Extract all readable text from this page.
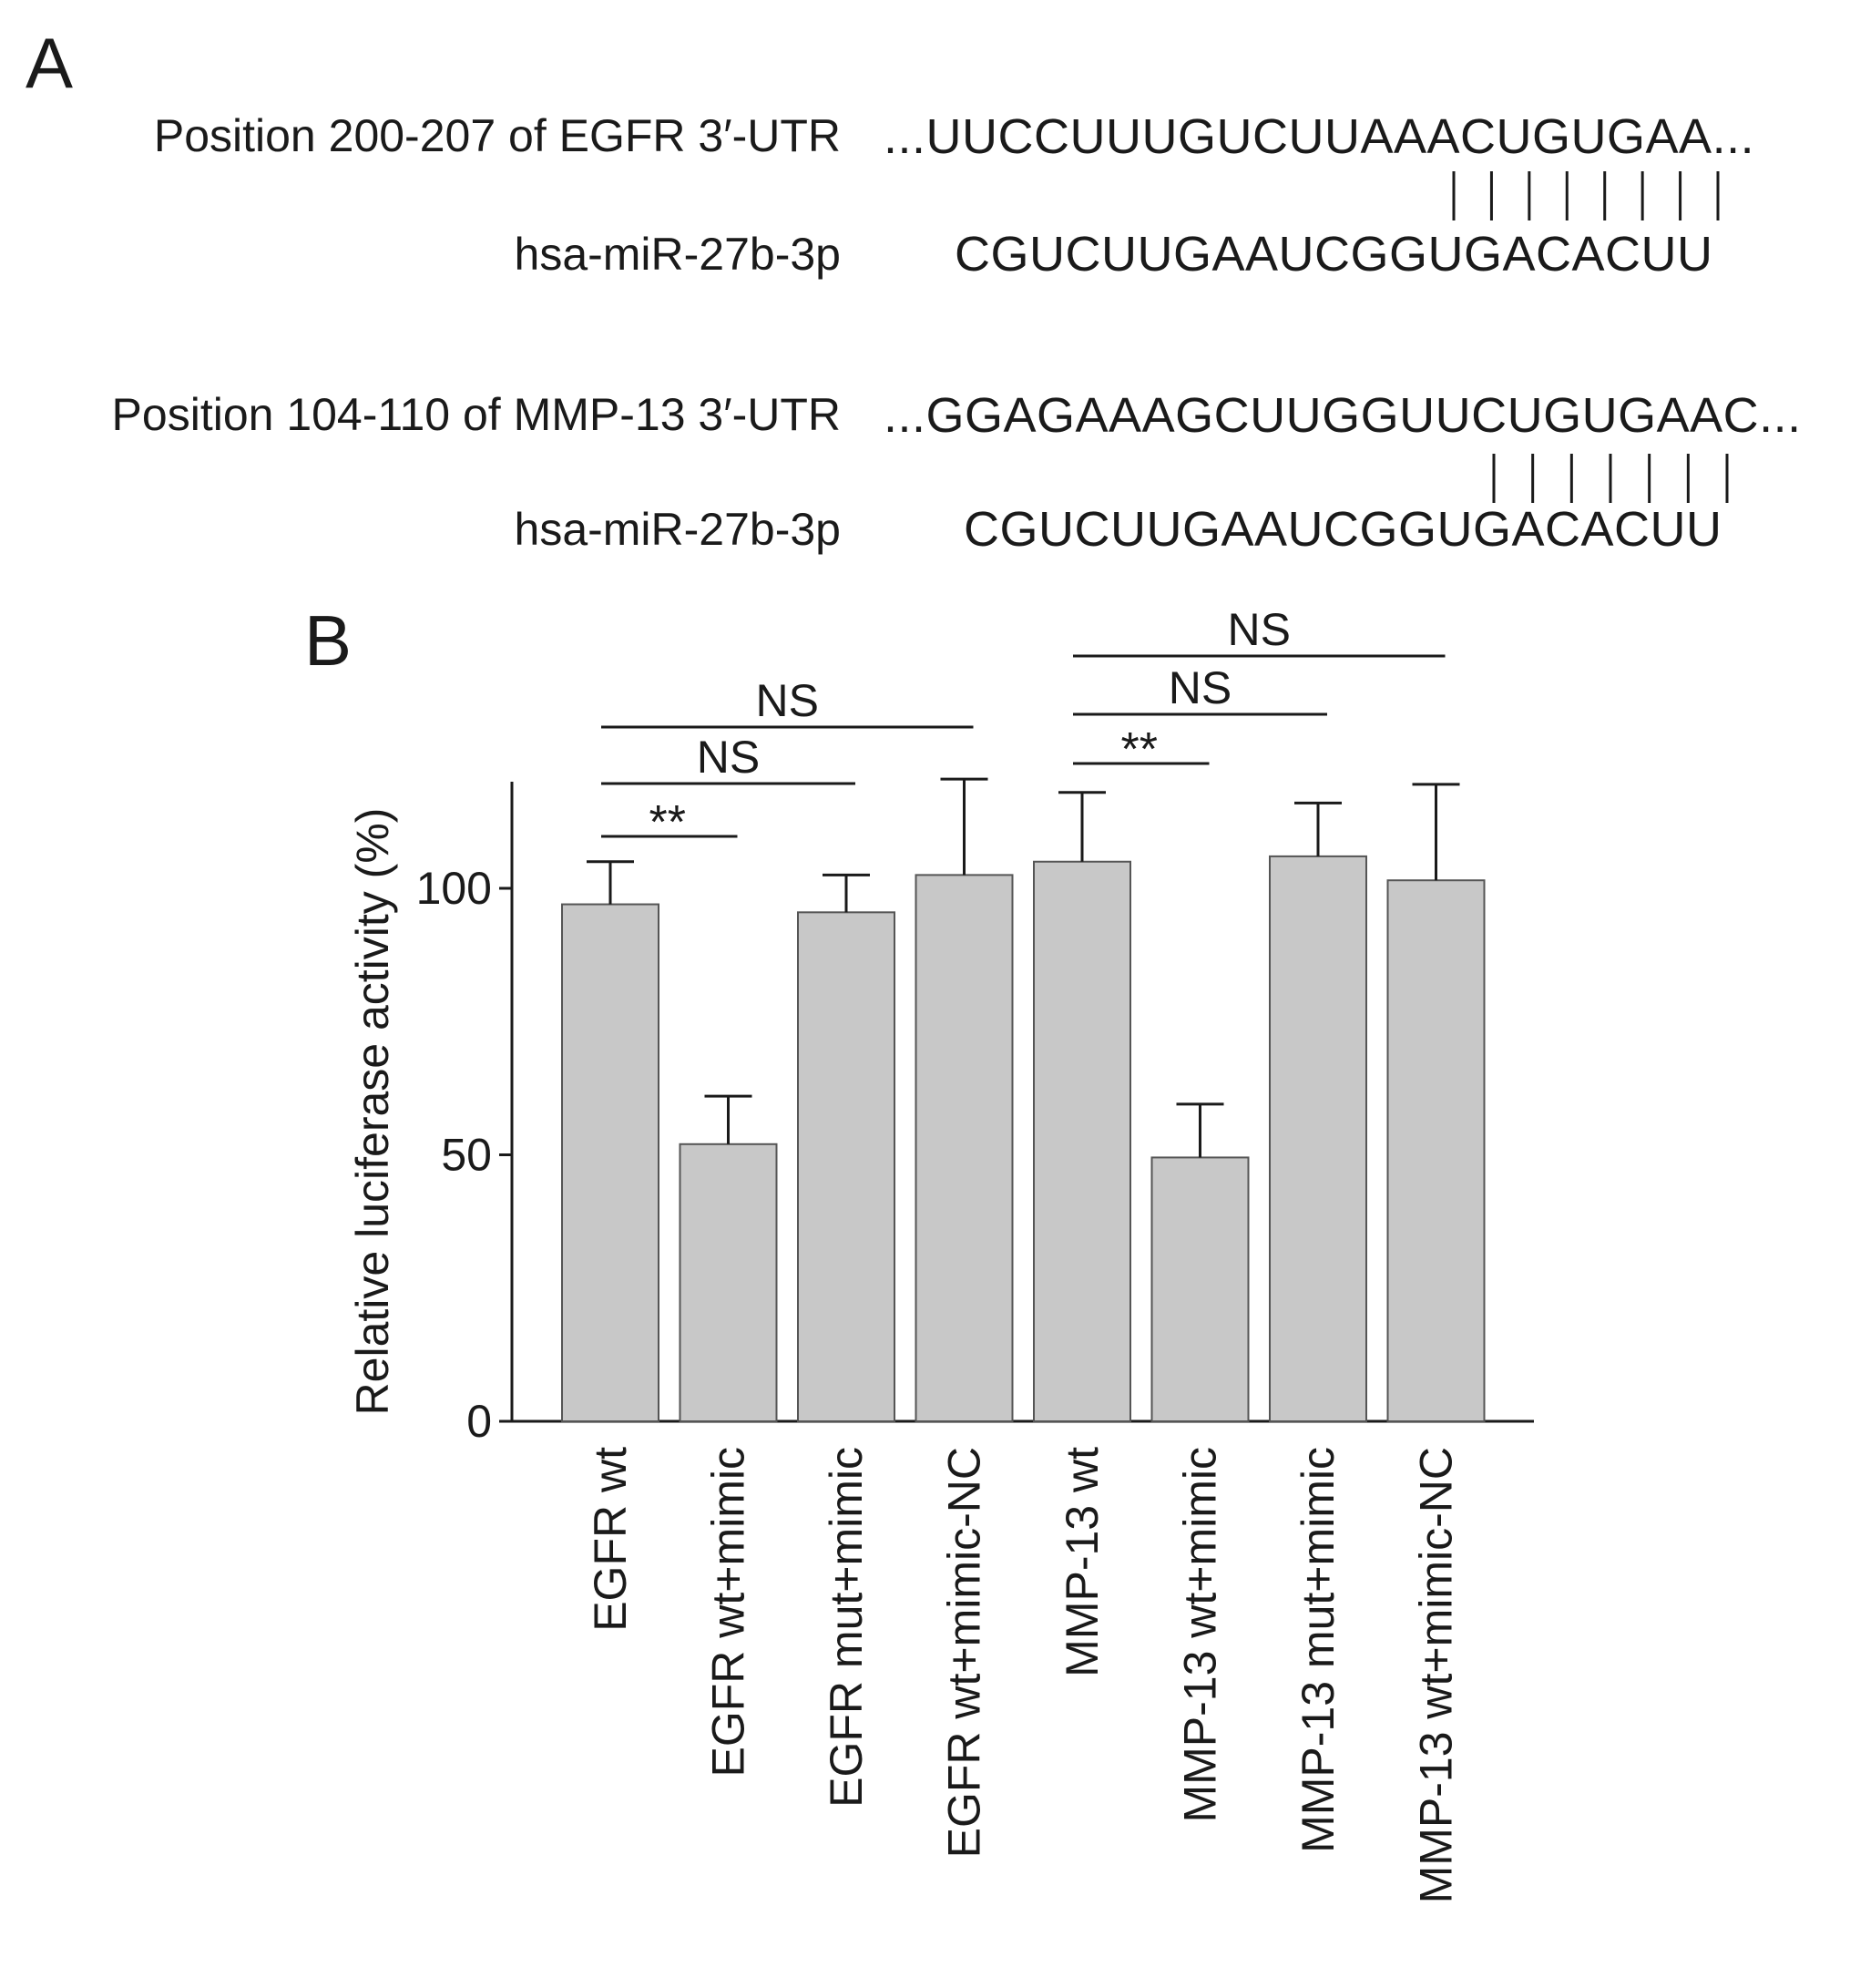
A
Position 200-207 of EGFR 3′-UTR ...UUCCUUUGUCUUAAACUGUGAA...
hsa-miR-27b-3p CGUCUUGAAUCGGUGACACUU
Position 104-110 of MMP-13 3′-UTR ...GGAGAAAGCUUGGUUCUGUGAAC...
hsa-miR-27b-3p	CGUCUUGAAUCGGUGACACUU
B
0
50
100
**
NS
NS
**
NS
NS
EGFR wt EGFR wt+mimic EGFR mut+mimic EGFR wt+mimic-NC MMP-13 wt MMP-13 wt+mimic MMP-13 mut+mimic MMP-13 wt+mimic-NC
Relative luciferase activity (%)
